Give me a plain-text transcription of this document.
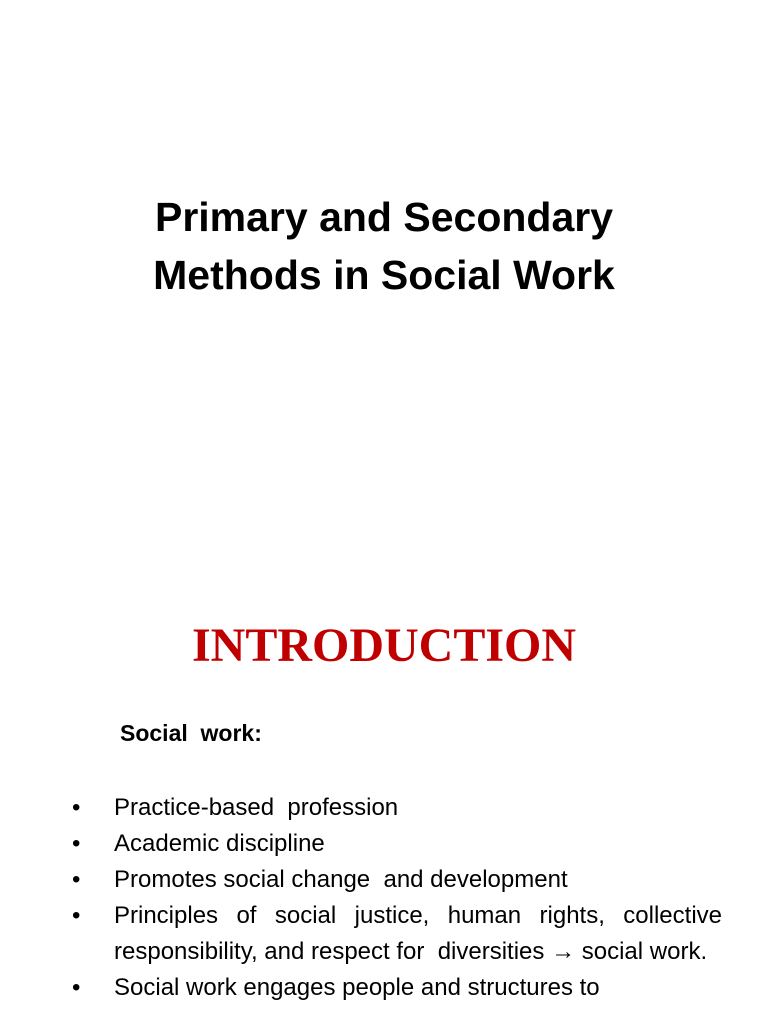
Primary and Secondary
Methods in Social Work
INTRODUCTION

Social  work:

•	Practice-based  profession
•	Academic discipline
•	Promotes social change  and development
•	Principles of social justice, human rights, collective responsibility, and respect for  diversities → social work.
•	Social work engages people and structures to
